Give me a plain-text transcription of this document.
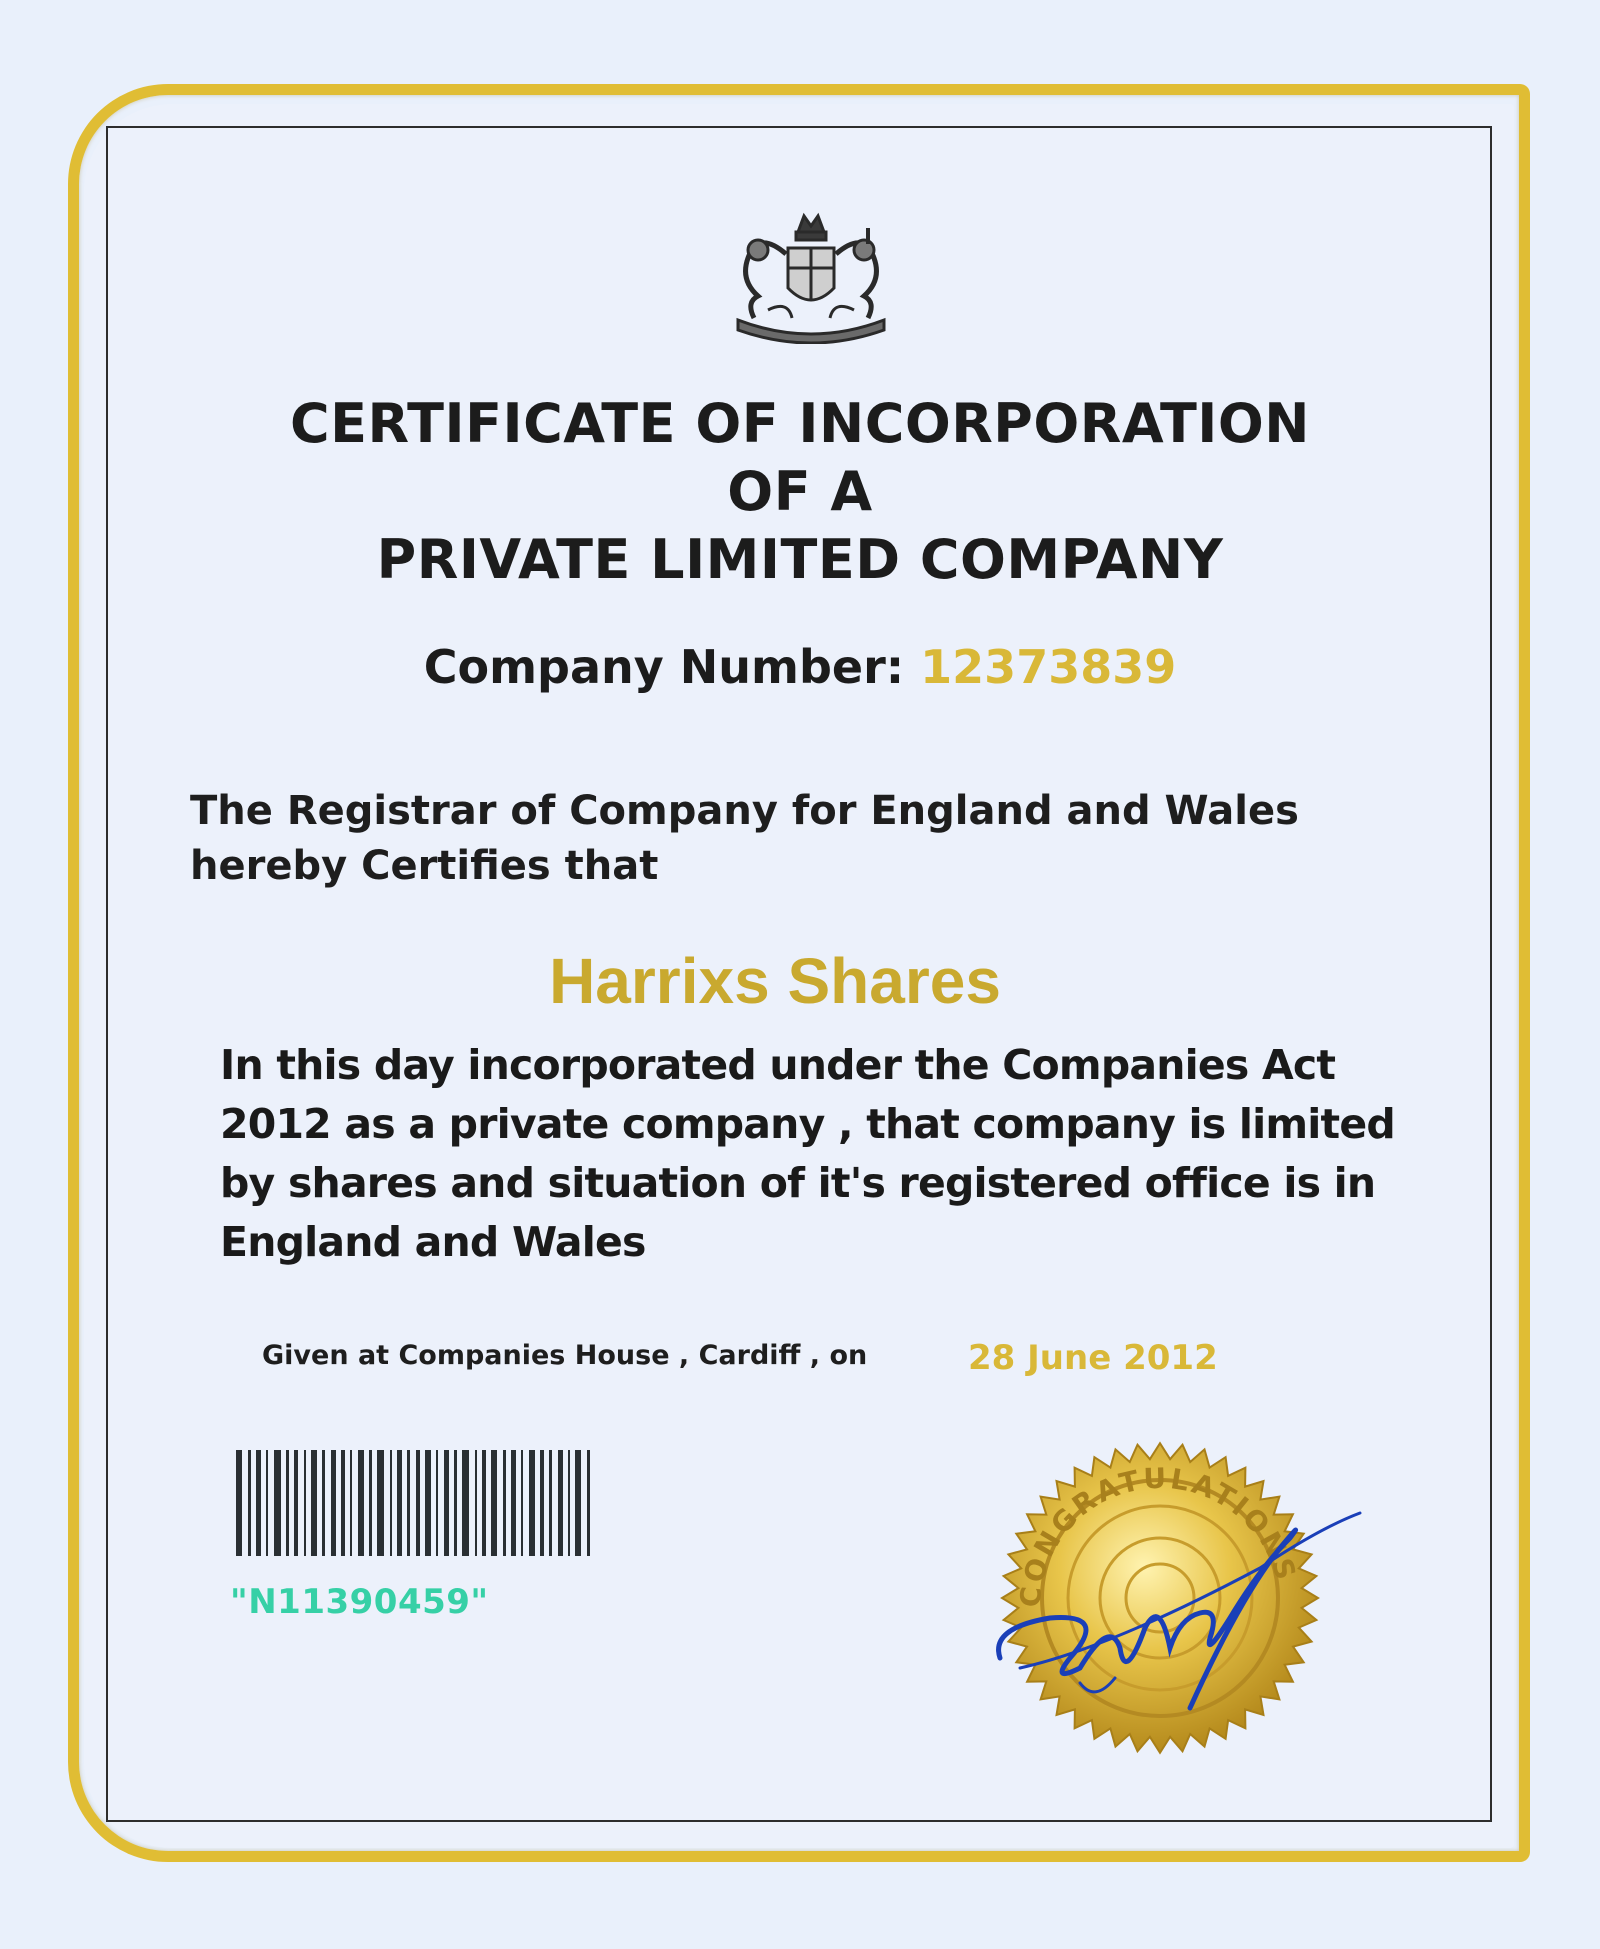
CERTIFICATE OF INCORPORATION
OF A
PRIVATE LIMITED COMPANY
Company Number: 12373839
The Registrar of Company for England and Wales
hereby Certifies that
Harrixs Shares
In this day incorporated under the Companies Act
2012 as a private company , that company is limited
by shares and situation of it's registered office is in
England and Wales
Given at Companies House , Cardiff , on	28 June 2012
"N11390459"	CONGRATULATIONS
